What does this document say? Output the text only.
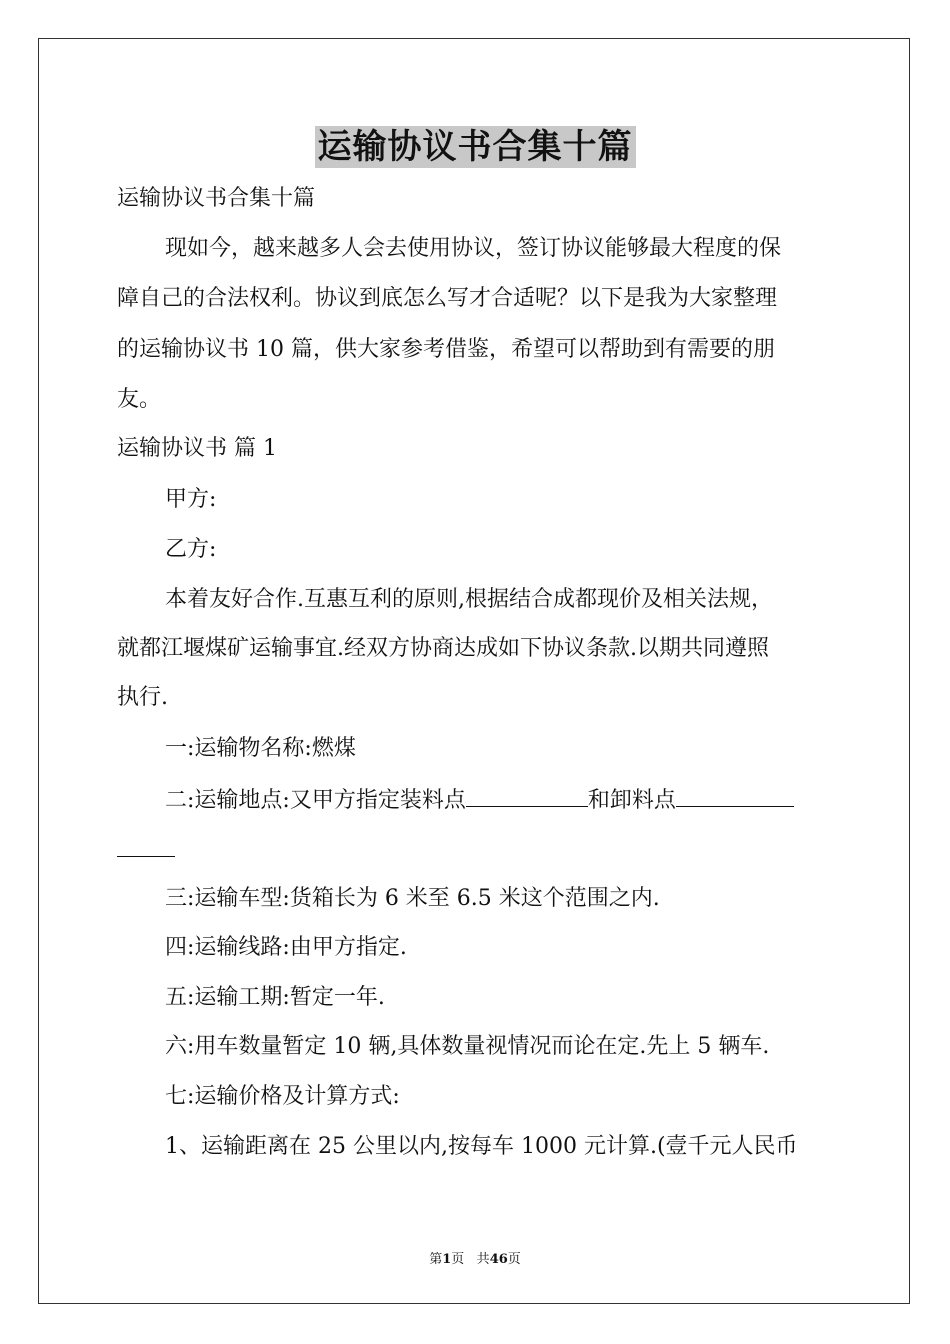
运输协议书合集十篇
运输协议书合集十篇
现如今，越来越多人会去使用协议，签订协议能够最大程度的保
障自己的合法权利。协议到底怎么写才合适呢？以下是我为大家整理
的运输协议书 10 篇，供大家参考借鉴，希望可以帮助到有需要的朋
友。
运输协议书 篇 1
甲方:
乙方:
本着友好合作.互惠互利的原则,根据结合成都现价及相关法规，
就都江堰煤矿运输事宜.经双方协商达成如下协议条款.以期共同遵照
执行.
一:运输物名称:燃煤
二:运输地点:又甲方指定装料点	和卸料点
三:运输车型:货箱长为 6 米至 6.5 米这个范围之内.
四:运输线路:由甲方指定.
五:运输工期:暂定一年.
六:用车数量暂定 10 辆,具体数量视情况而论在定.先上 5 辆车.
七:运输价格及计算方式:
1、运输距离在 25 公里以内,按每车 1000 元计算.(壹千元人民币
第1页 共46页
